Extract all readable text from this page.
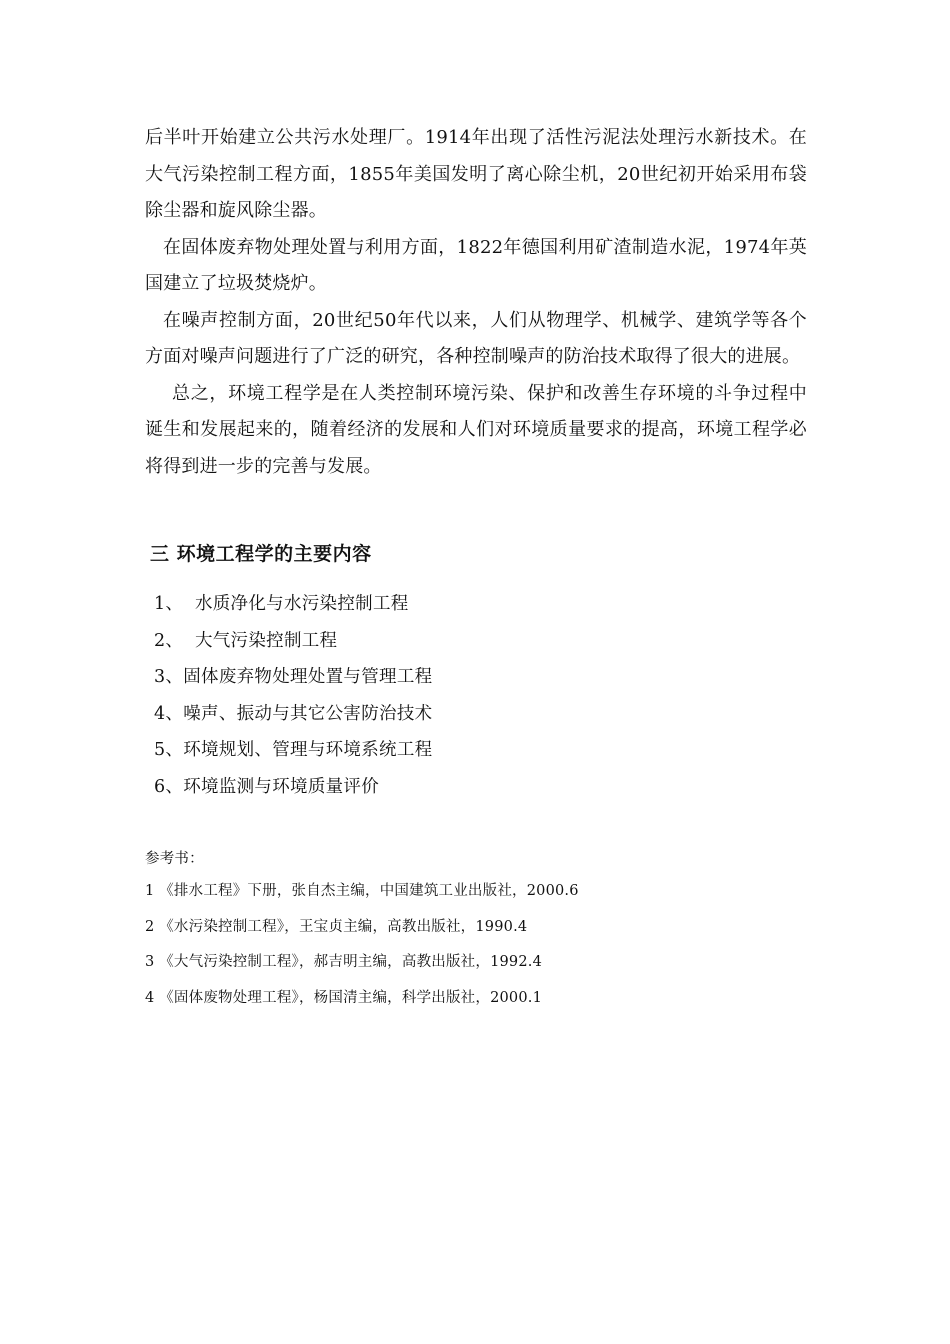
后半叶开始建立公共污水处理厂。1914年出现了活性污泥法处理污水新技术。在大气污染控制工程方面，1855年美国发明了离心除尘机，20世纪初开始采用布袋除尘器和旋风除尘器。

在固体废弃物处理处置与利用方面，1822年德国利用矿渣制造水泥，1974年英国建立了垃圾焚烧炉。

在噪声控制方面，20世纪50年代以来，人们从物理学、机械学、建筑学等各个方面对噪声问题进行了广泛的研究，各种控制噪声的防治技术取得了很大的进展。

总之，环境工程学是在人类控制环境污染、保护和改善生存环境的斗争过程中诞生和发展起来的，随着经济的发展和人们对环境质量要求的提高，环境工程学必将得到进一步的完善与发展。

三 环境工程学的主要内容
1、  水质净化与水污染控制工程
2、  大气污染控制工程
3、固体废弃物处理处置与管理工程
4、噪声、振动与其它公害防治技术
5、环境规划、管理与环境系统工程
6、环境监测与环境质量评价

参考书：

1 《排水工程》下册，张自杰主编，中国建筑工业出版社，2000.6

2 《水污染控制工程》，王宝贞主编，高教出版社，1990.4

3 《大气污染控制工程》，郝吉明主编，高教出版社，1992.4

4 《固体废物处理工程》，杨国清主编，科学出版社，2000.1
